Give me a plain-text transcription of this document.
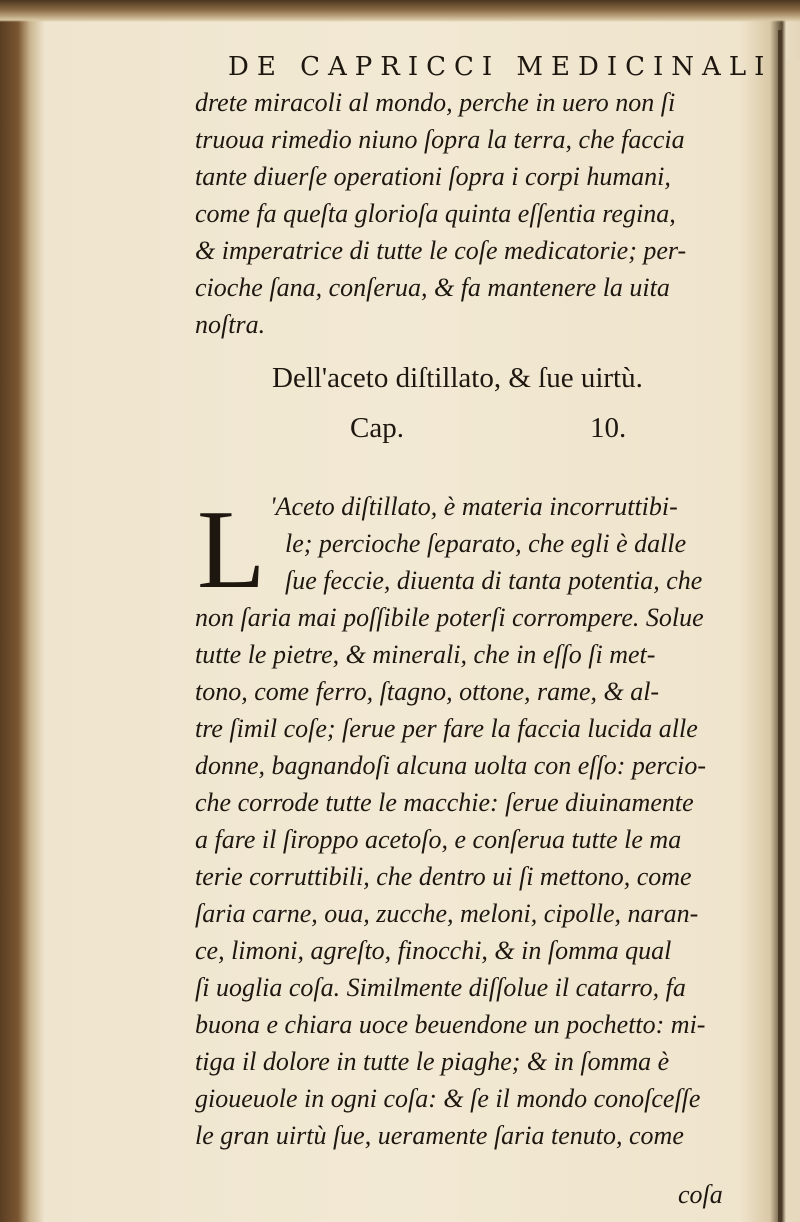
DE CAPRICCI MEDICINALI
drete miracoli al mondo, perche in uero non ſi
truoua rimedio niuno ſopra la terra, che faccia
tante diuerſe operationi ſopra i corpi humani,
come fa queſta glorioſa quinta eſſentia regina,
& imperatrice di tutte le coſe medicatorie; per-
cioche ſana, conſerua, & fa mantenere la uita
noſtra.
Dell'aceto diſtillato, & ſue uirtù.
Cap.	10.
L 'Aceto diſtillato, è materia incorruttibi-
le; percioche ſeparato, che egli è dalle
ſue feccie, diuenta di tanta potentia, che
non ſaria mai poſſibile poterſi corrompere. Solue
tutte le pietre, & minerali, che in eſſo ſi met-
tono, come ferro, ſtagno, ottone, rame, & al-
tre ſimil coſe; ſerue per fare la faccia lucida alle
donne, bagnandoſi alcuna uolta con eſſo: percio-
che corrode tutte le macchie: ſerue diuinamente
a fare il ſiroppo acetoſo, e conſerua tutte le ma
terie corruttibili, che dentro ui ſi mettono, come
ſaria carne, oua, zucche, meloni, cipolle, naran-
ce, limoni, agreſto, finocchi, & in ſomma qual
ſi uoglia coſa. Similmente diſſolue il catarro, fa
buona e chiara uoce beuendone un pochetto: mi-
tiga il dolore in tutte le piaghe; & in ſomma è
gioueuole in ogni coſa: & ſe il mondo conoſceſſe
le gran uirtù ſue, ueramente ſaria tenuto, come
coſa
